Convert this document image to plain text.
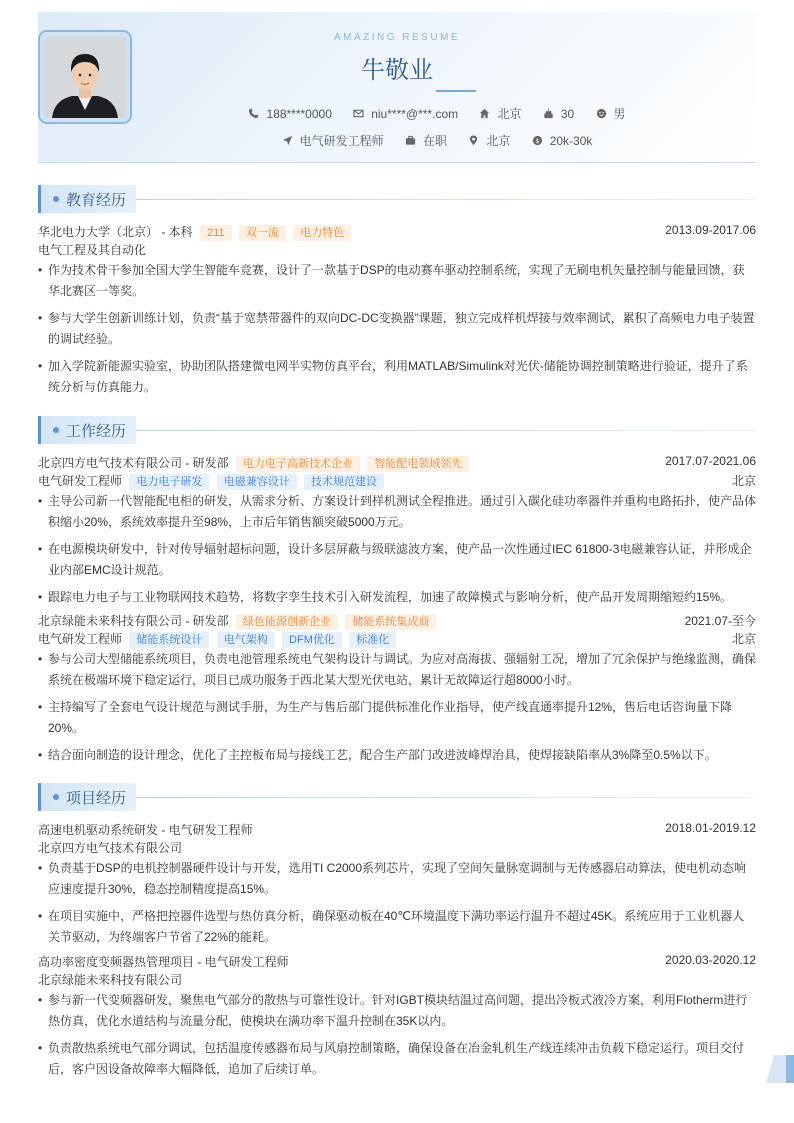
AMAZING RESUME
牛敬业
188****0000
	niu****@***.com
	北京
	30
	男
电气研发工程师
	在职
	北京
	$ 20k-30k
教育经历
华北电力大学（北京） - 本科 211 双一流 电力特色	2013.09-2017.06
电气工程及其自动化
• 作为技术骨干参加全国大学生智能车竞赛，设计了一款基于DSP的电动赛车驱动控制系统，实现了无刷电机矢量控制与能量回馈，获华北赛区一等奖。
• 参与大学生创新训练计划，负责“基于宽禁带器件的双向DC-DC变换器”课题，独立完成样机焊接与效率测试，累积了高频电力电子装置的调试经验。
• 加入学院新能源实验室，协助团队搭建微电网半实物仿真平台，利用MATLAB/Simulink对光伏-储能协调控制策略进行验证，提升了系统分析与仿真能力。
工作经历
北京四方电气技术有限公司 - 研发部 电力电子高新技术企业 智能配电领域领先	2017.07-2021.06
电气研发工程师 电力电子研发 电磁兼容设计 技术规范建设	北京
• 主导公司新一代智能配电柜的研发，从需求分析、方案设计到样机测试全程推进。通过引入碳化硅功率器件并重构电路拓扑，使产品体积缩小20%，系统效率提升至98%，上市后年销售额突破5000万元。
• 在电源模块研发中，针对传导辐射超标问题，设计多层屏蔽与级联滤波方案，使产品一次性通过IEC 61800-3电磁兼容认证，并形成企业内部EMC设计规范。
• 跟踪电力电子与工业物联网技术趋势，将数字孪生技术引入研发流程，加速了故障模式与影响分析，使产品开发周期缩短约15%。
北京绿能未来科技有限公司 - 研发部 绿色能源创新企业 储能系统集成商	2021.07-至今
电气研发工程师 储能系统设计 电气架构 DFM优化 标准化	北京
• 参与公司大型储能系统项目，负责电池管理系统电气架构设计与调试。为应对高海拔、强辐射工况，增加了冗余保护与绝缘监测，确保系统在极端环境下稳定运行，项目已成功服务于西北某大型光伏电站，累计无故障运行超8000小时。
• 主持编写了全套电气设计规范与测试手册，为生产与售后部门提供标准化作业指导，使产线直通率提升12%，售后电话咨询量下降20%。
• 结合面向制造的设计理念，优化了主控板布局与接线工艺，配合生产部门改进波峰焊治具，使焊接缺陷率从3%降至0.5%以下。
项目经历
高速电机驱动系统研发 - 电气研发工程师	2018.01-2019.12
北京四方电气技术有限公司
• 负责基于DSP的电机控制器硬件设计与开发，选用TI C2000系列芯片，实现了空间矢量脉宽调制与无传感器启动算法，使电机动态响应速度提升30%，稳态控制精度提高15%。
• 在项目实施中，严格把控器件选型与热仿真分析，确保驱动板在40℃环境温度下满功率运行温升不超过45K。系统应用于工业机器人关节驱动，为终端客户节省了22%的能耗。
高功率密度变频器热管理项目 - 电气研发工程师	2020.03-2020.12
北京绿能未来科技有限公司
• 参与新一代变频器研发，聚焦电气部分的散热与可靠性设计。针对IGBT模块结温过高问题，提出冷板式液冷方案，利用Flotherm进行热仿真，优化水道结构与流量分配，使模块在满功率下温升控制在35K以内。
• 负责散热系统电气部分调试，包括温度传感器布局与风扇控制策略，确保设备在冶金轧机生产线连续冲击负载下稳定运行。项目交付后，客户因设备故障率大幅降低，追加了后续订单。
